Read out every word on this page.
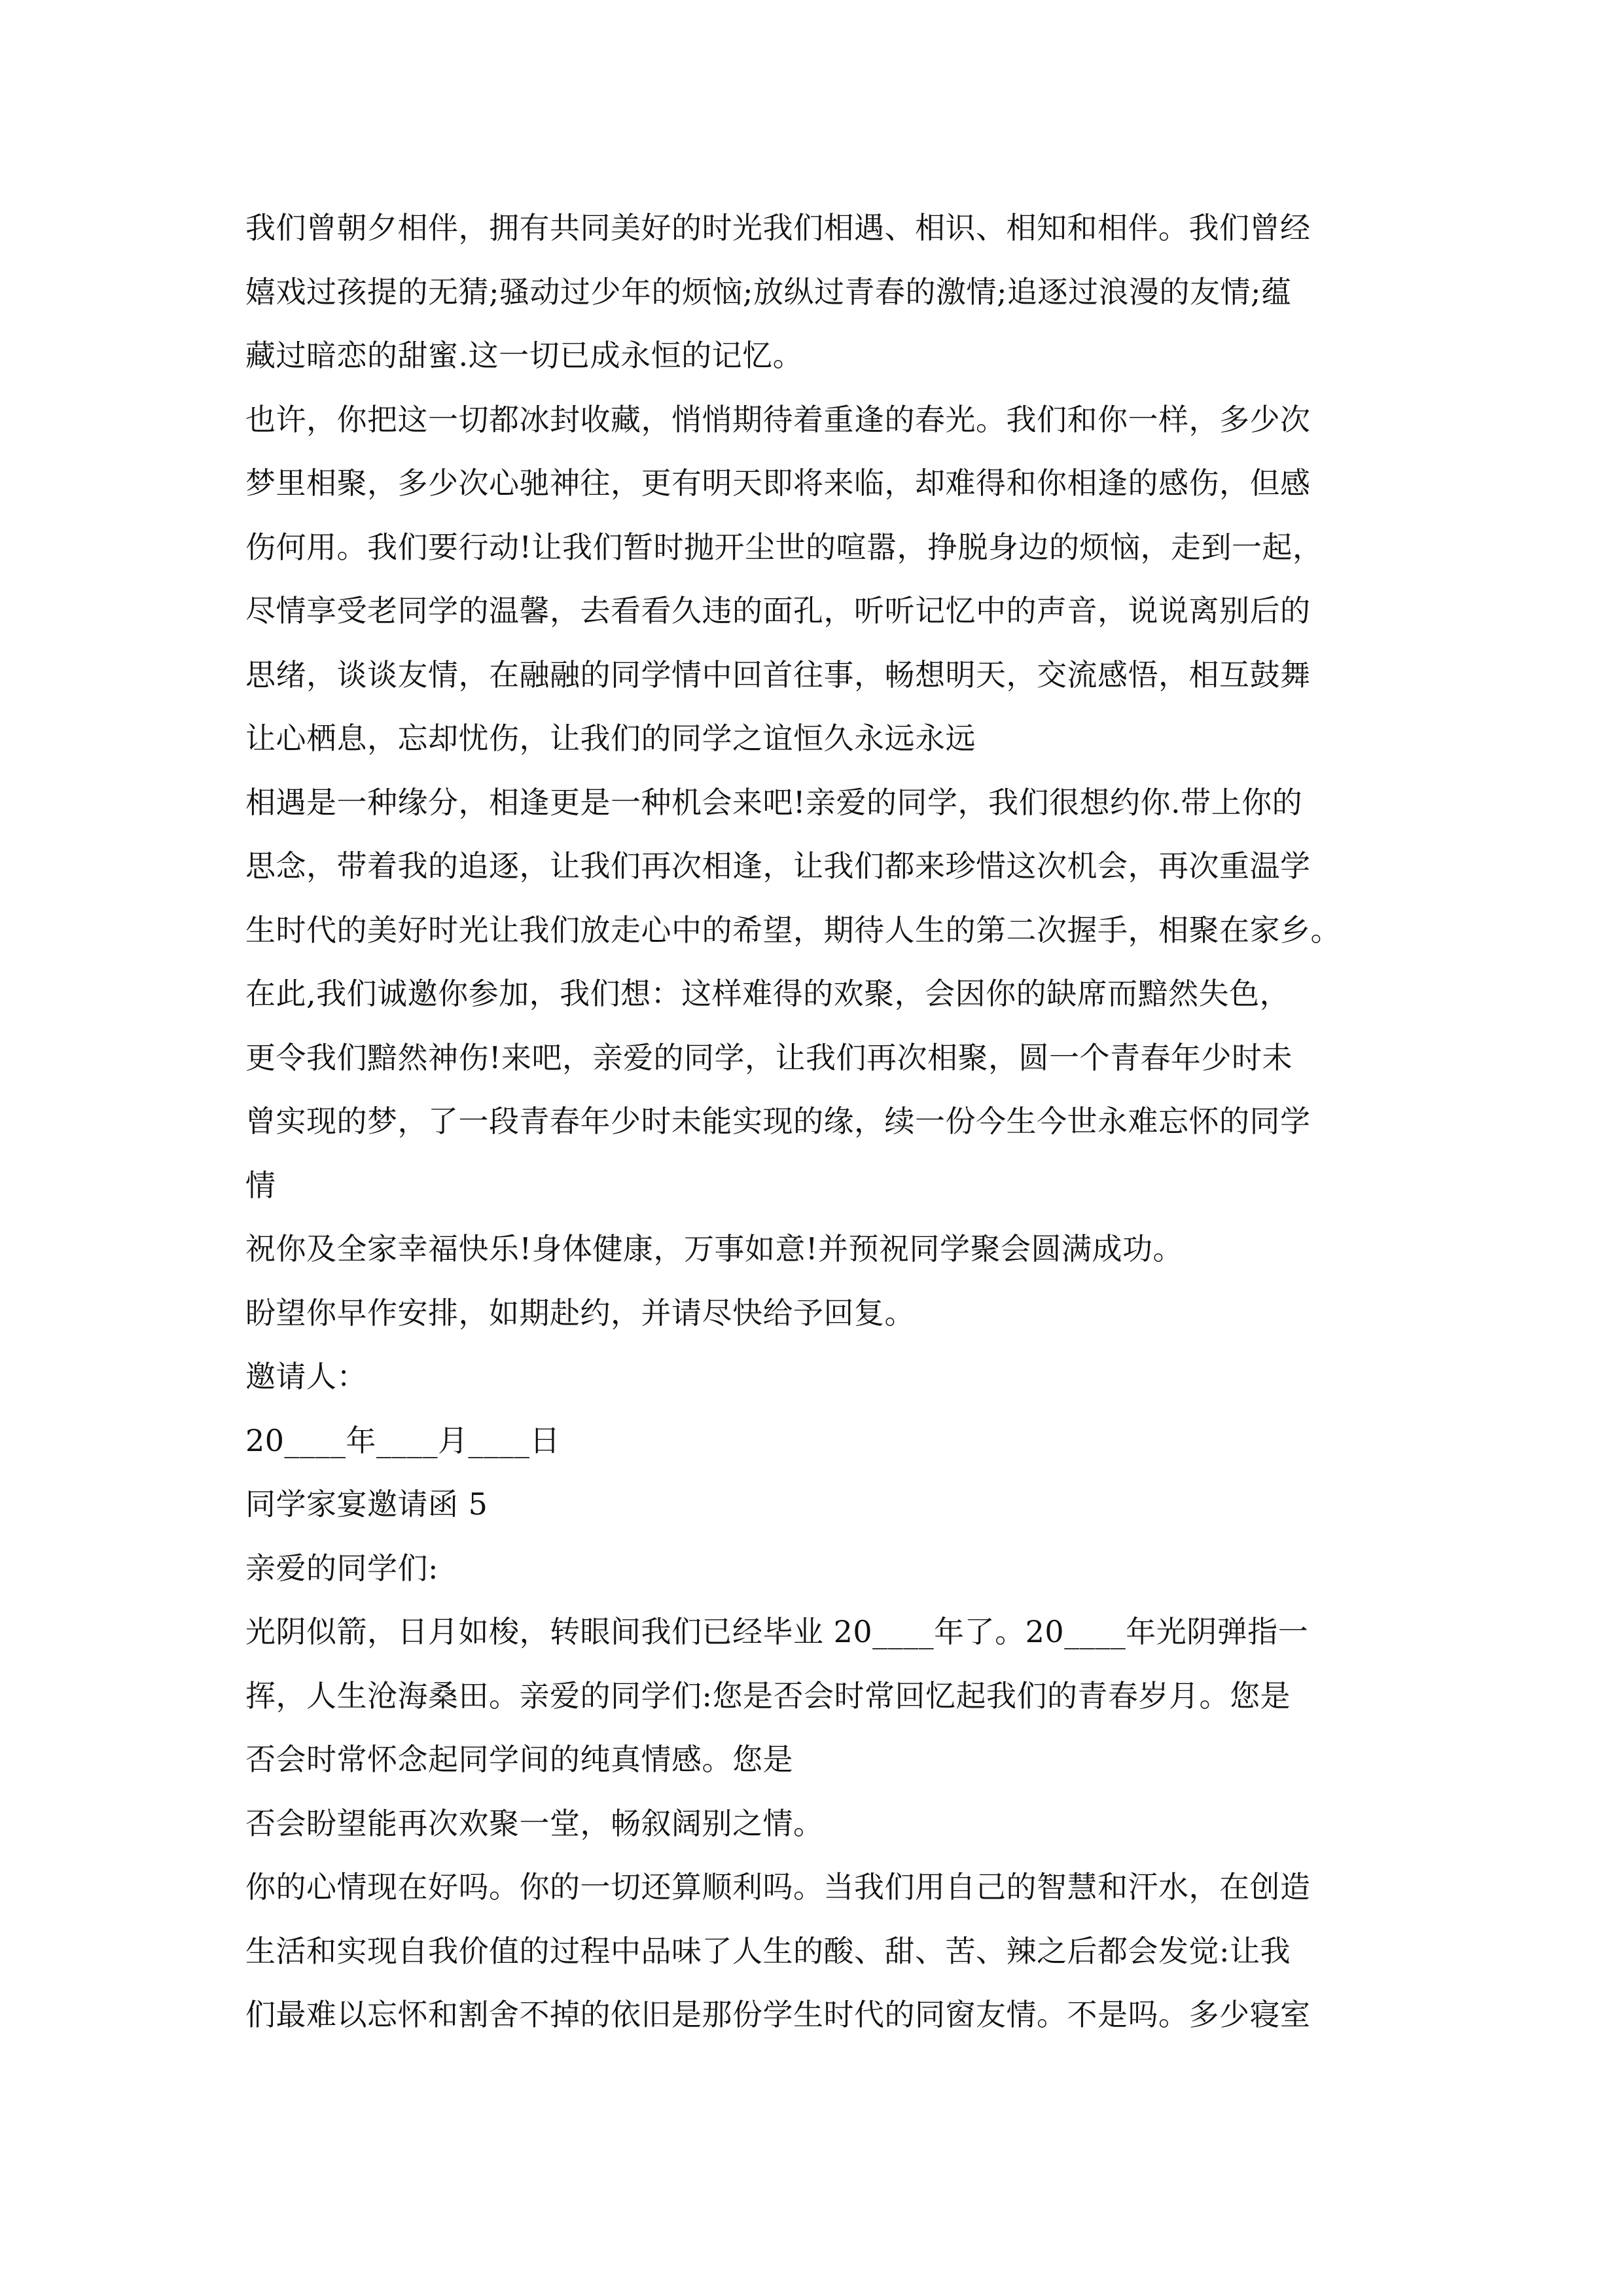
我们曾朝夕相伴，拥有共同美好的时光我们相遇、相识、相知和相伴。我们曾经
嬉戏过孩提的无猜;骚动过少年的烦恼;放纵过青春的激情;追逐过浪漫的友情;蕴
藏过暗恋的甜蜜.这一切已成永恒的记忆。
也许，你把这一切都冰封收藏，悄悄期待着重逢的春光。我们和你一样，多少次
梦里相聚，多少次心驰神往，更有明天即将来临，却难得和你相逢的感伤，但感
伤何用。我们要行动!让我们暂时抛开尘世的喧嚣，挣脱身边的烦恼，走到一起，
尽情享受老同学的温馨，去看看久违的面孔，听听记忆中的声音，说说离别后的
思绪，谈谈友情，在融融的同学情中回首往事，畅想明天，交流感悟，相互鼓舞
让心栖息，忘却忧伤，让我们的同学之谊恒久永远永远
相遇是一种缘分，相逢更是一种机会来吧!亲爱的同学，我们很想约你.带上你的
思念，带着我的追逐，让我们再次相逢，让我们都来珍惜这次机会，再次重温学
生时代的美好时光让我们放走心中的希望，期待人生的第二次握手，相聚在家乡。
在此,我们诚邀你参加，我们想：这样难得的欢聚，会因你的缺席而黯然失色，
更令我们黯然神伤!来吧，亲爱的同学，让我们再次相聚，圆一个青春年少时未
曾实现的梦，了一段青春年少时未能实现的缘，续一份今生今世永难忘怀的同学
情
祝你及全家幸福快乐!身体健康，万事如意!并预祝同学聚会圆满成功。
盼望你早作安排，如期赴约，并请尽快给予回复。
邀请人：
20____年____月____日
同学家宴邀请函 5
亲爱的同学们:
光阴似箭，日月如梭，转眼间我们已经毕业 20____年了。20____年光阴弹指一
挥，人生沧海桑田。亲爱的同学们:您是否会时常回忆起我们的青春岁月。您是
否会时常怀念起同学间的纯真情感。您是
否会盼望能再次欢聚一堂，畅叙阔别之情。
你的心情现在好吗。你的一切还算顺利吗。当我们用自己的智慧和汗水，在创造
生活和实现自我价值的过程中品味了人生的酸、甜、苦、辣之后都会发觉:让我
们最难以忘怀和割舍不掉的依旧是那份学生时代的同窗友情。不是吗。多少寝室
